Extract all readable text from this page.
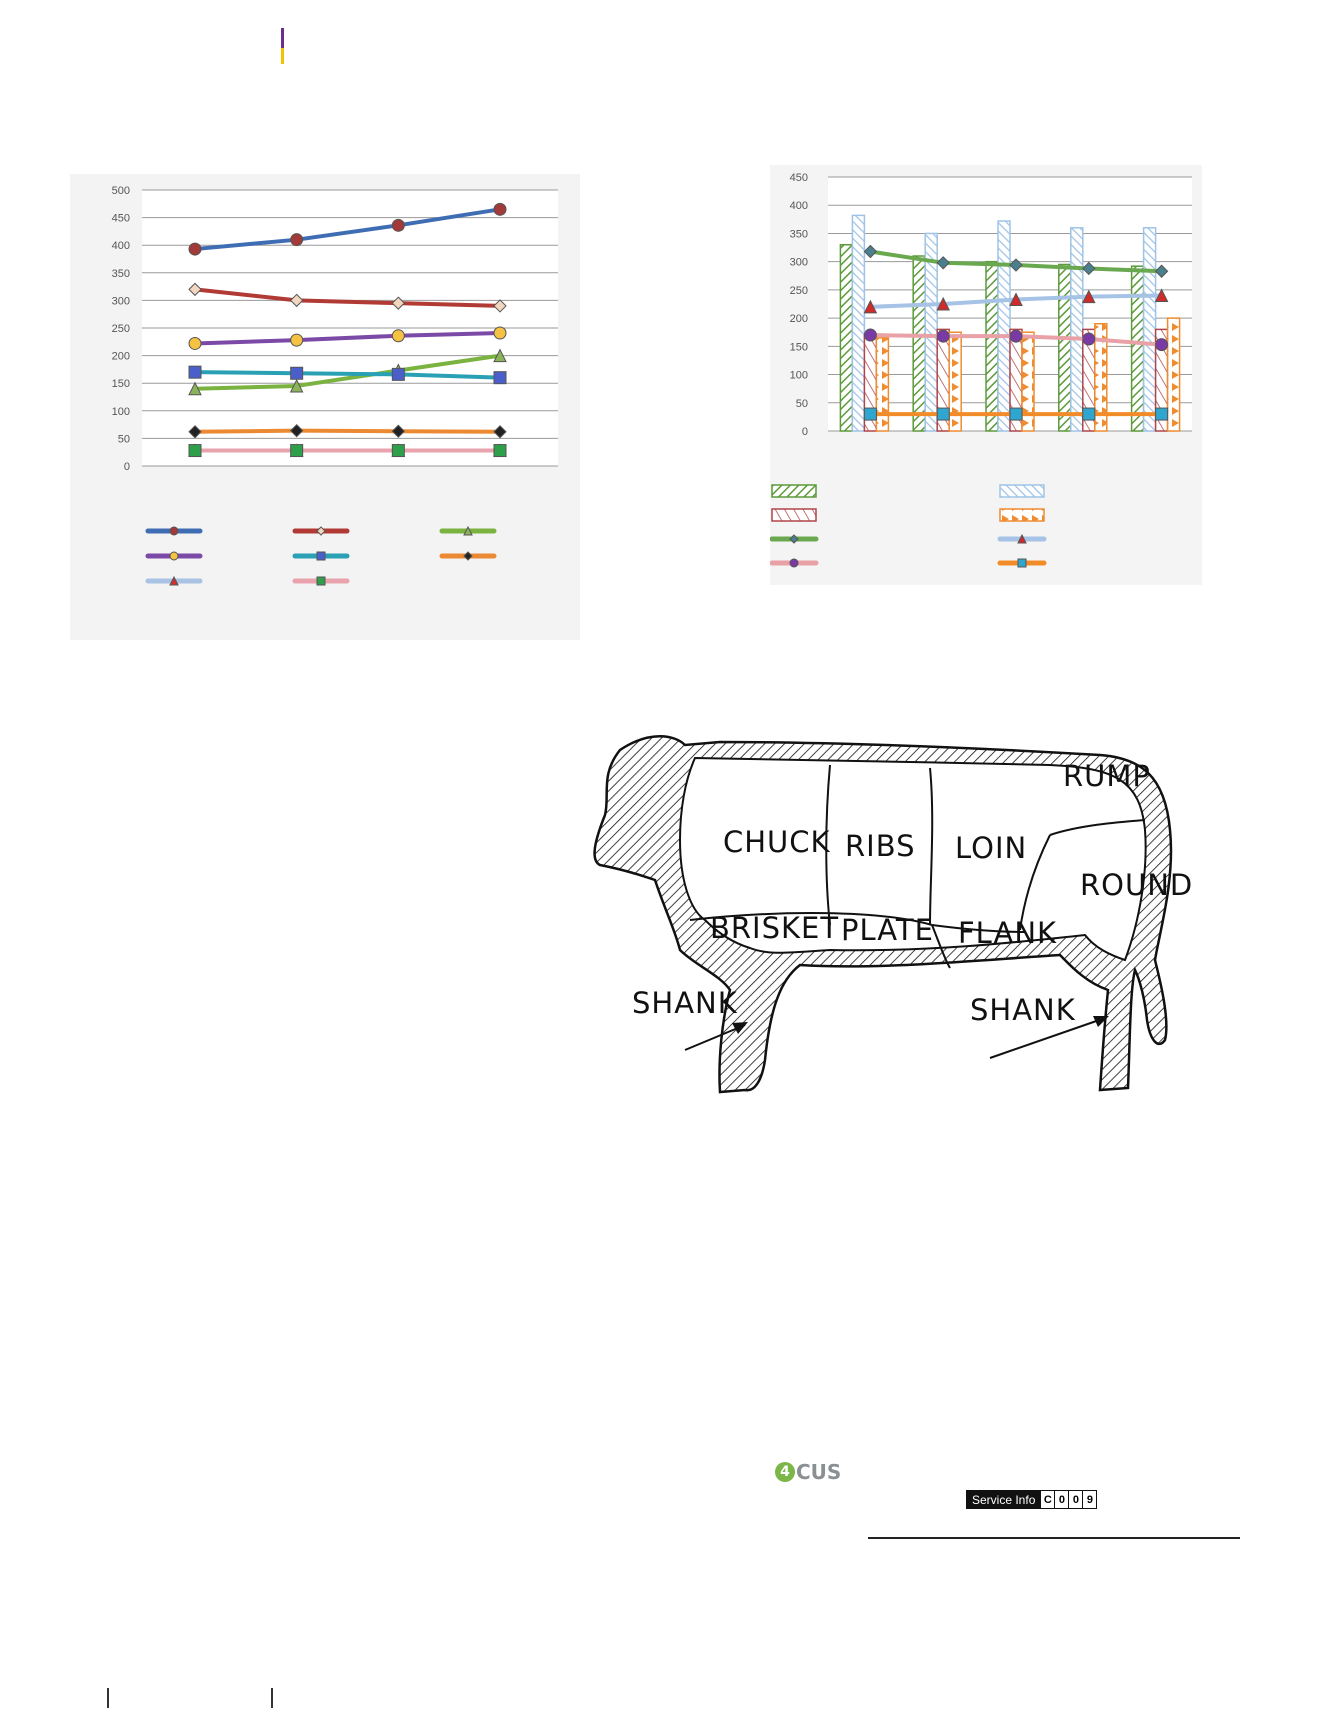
0
50
100
150
200
250
300
350
400
450
500
0
50
100
150
200
250
300
350
400
450
CHUCK RIBS LOIN
RUMP
ROUND
BRISKET PLATE FLANK
SHANK	SHANK
4 CUS
Service Info C 0 0 9
